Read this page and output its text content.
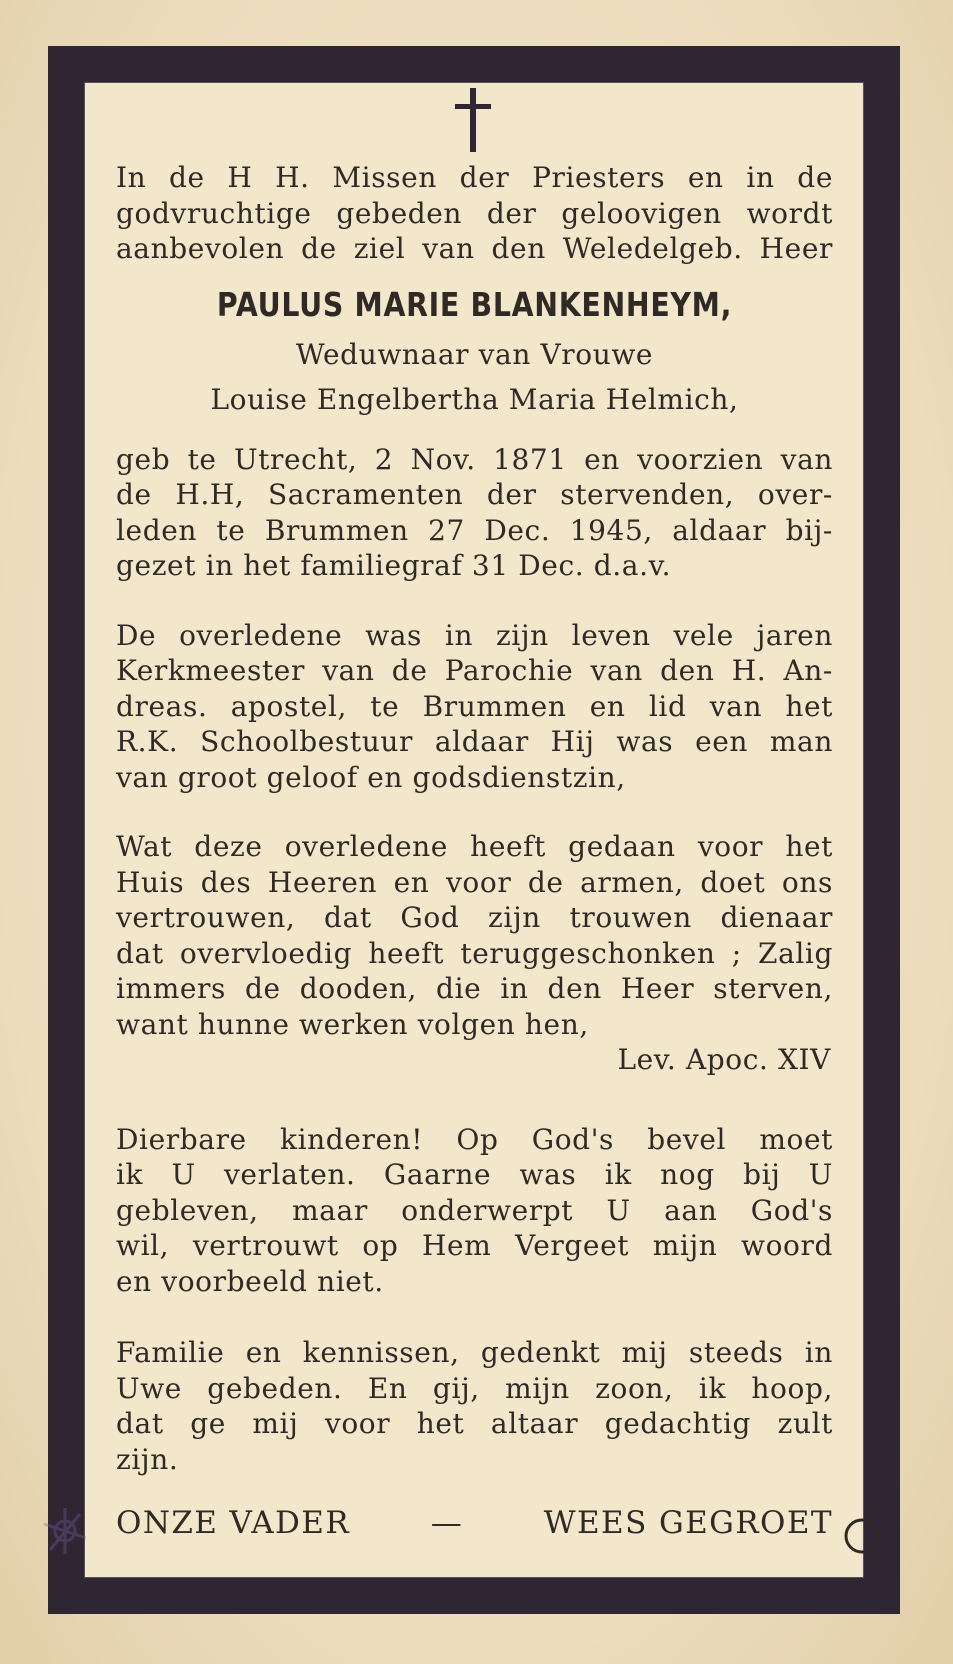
In de H H. Missen der Priesters en in de
godvruchtige gebeden der geloovigen wordt
aanbevolen de ziel van den Weledelgeb. Heer

PAULUS MARIE BLANKENHEYM,
Weduwnaar van Vrouwe
Louise Engelbertha Maria Helmich,

geb te Utrecht, 2 Nov. 1871 en voorzien van
de H.H, Sacramenten der stervenden, over-
leden te Brummen 27 Dec. 1945, aldaar bij-
gezet in het familiegraf 31 Dec. d.a.v.

De overledene was in zijn leven vele jaren
Kerkmeester van de Parochie van den H. An-
dreas. apostel, te Brummen en lid van het
R.K. Schoolbestuur aldaar Hij was een man
van groot geloof en godsdienstzin,

Wat deze overledene heeft gedaan voor het
Huis des Heeren en voor de armen, doet ons
vertrouwen, dat God zijn trouwen dienaar
dat overvloedig heeft teruggeschonken ; Zalig
immers de dooden, die in den Heer sterven,
want hunne werken volgen hen,
Lev. Apoc. XIV

Dierbare kinderen! Op God's bevel moet
ik U verlaten. Gaarne was ik nog bij U
gebleven, maar onderwerpt U aan God's
wil, vertrouwt op Hem Vergeet mijn woord
en voorbeeld niet.

Familie en kennissen, gedenkt mij steeds in
Uwe gebeden. En gij, mijn zoon, ik hoop,
dat ge mij voor het altaar gedachtig zult
zijn.

ONZE VADER	—	WEES GEGROET
